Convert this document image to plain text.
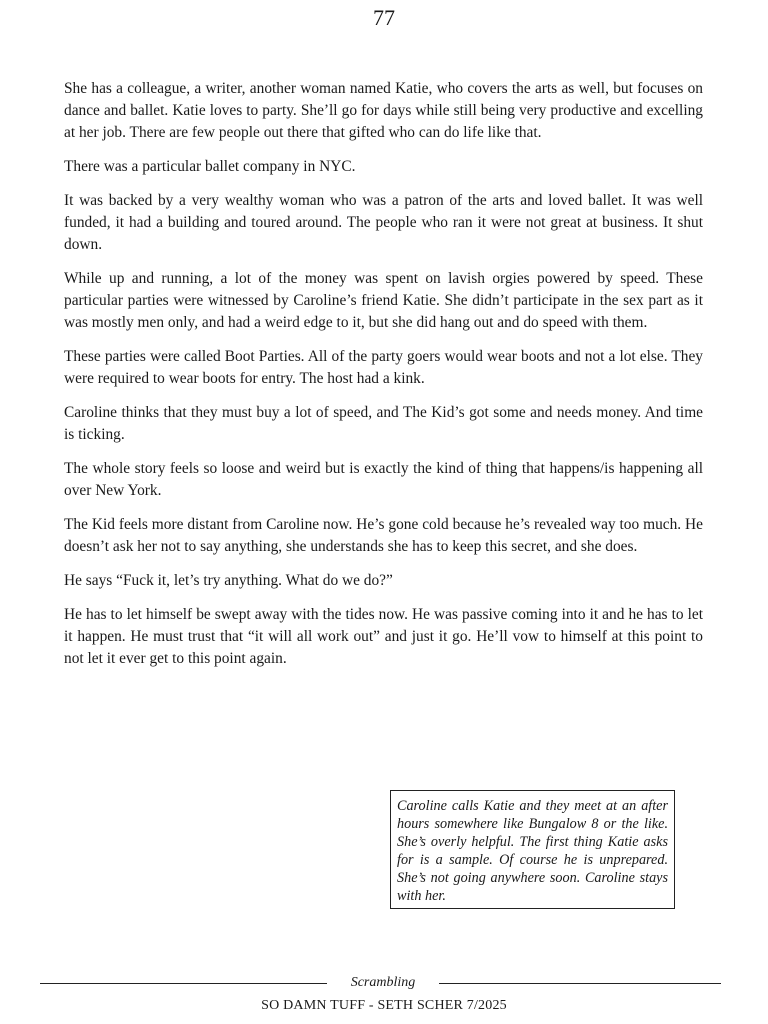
77

She has a colleague, a writer, another woman named Katie, who covers the arts as well, but focuses on dance and ballet. Katie loves to party. She’ll go for days while still being very productive and excelling at her job. There are few people out there that gifted who can do life like that.

There was a particular ballet company in NYC.

It was backed by a very wealthy woman who was a patron of the arts and loved ballet. It was well funded, it had a building and toured around. The people who ran it were not great at business. It shut down.

While up and running, a lot of the money was spent on lavish orgies powered by speed. These particular parties were witnessed by Caroline’s friend Katie. She didn’t participate in the sex part as it was mostly men only, and had a weird edge to it, but she did hang out and do speed with them.

These parties were called Boot Parties. All of the party goers would wear boots and not a lot else. They were required to wear boots for entry. The host had a kink.

Caroline thinks that they must buy a lot of speed, and The Kid’s got some and needs money. And time is ticking.

The whole story feels so loose and weird but is exactly the kind of thing that happens/is happening all over New York.

The Kid feels more distant from Caroline now. He’s gone cold because he’s revealed way too much. He doesn’t ask her not to say anything, she understands she has to keep this secret, and she does.

He says “Fuck it, let’s try anything. What do we do?”

He has to let himself be swept away with the tides now. He was passive coming into it and he has to let it happen. He must trust that “it will all work out” and just it go. He’ll vow to himself at this point to not let it ever get to this point again.

Caroline calls Katie and they meet at an after hours somewhere like Bungalow 8 or the like. She’s overly helpful. The first thing Katie asks for is a sample. Of course he is unprepared. She’s not going anywhere soon. Caroline stays with her.

Scrambling
SO DAMN TUFF - SETH SCHER 7/2025
